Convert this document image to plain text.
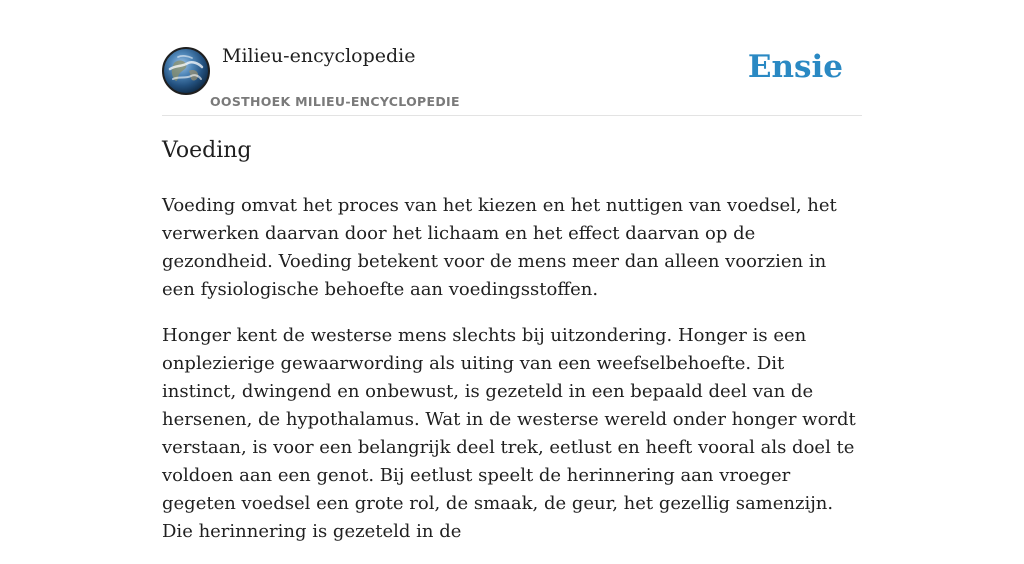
Milieu-encyclopedie
OOSTHOEK MILIEU-ENCYCLOPEDIE
Ensie
Voeding

Voeding omvat het proces van het kiezen en het nuttigen van voedsel, het verwerken daarvan door het lichaam en het effect daarvan op de gezondheid. Voeding betekent voor de mens meer dan alleen voorzien in een fysiologische behoefte aan voedingsstoffen.

Honger kent de westerse mens slechts bij uitzondering. Honger is een onplezierige gewaarwording als uiting van een weefselbehoefte. Dit instinct, dwingend en onbewust, is gezeteld in een bepaald deel van de hersenen, de hypothalamus. Wat in de westerse wereld onder honger wordt verstaan, is voor een belangrijk deel trek, eetlust en heeft vooral als doel te voldoen aan een genot. Bij eetlust speelt de herinnering aan vroeger gegeten voedsel een grote rol, de smaak, de geur, het gezellig samenzijn. Die herinnering is gezeteld in de
